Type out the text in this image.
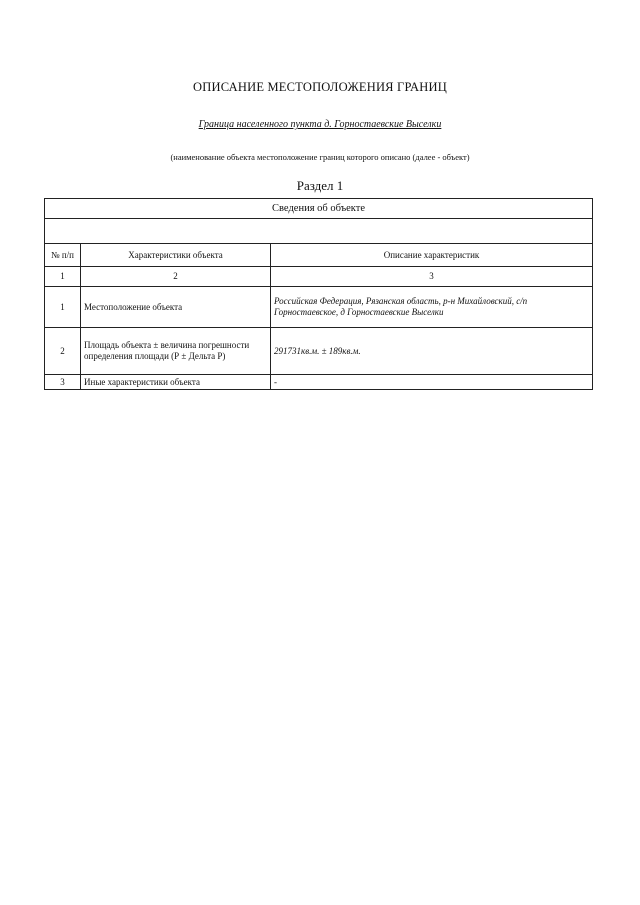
ОПИСАНИЕ МЕСТОПОЛОЖЕНИЯ ГРАНИЦ
Граница населенного пункта д. Горностаевские Выселки
(наименование объекта местоположение границ которого описано (далее - объект)
Раздел 1
Сведения об объекте		

№ п/п	Характеристики объекта	Описание характеристик
1	2	3
1	Местоположение объекта	Российская Федерация, Рязанская область, р-н Михайловский, с/п Горностаевское, д Горностаевские Выселки
2	Площадь объекта ± величина погрешности определения площади (Р ± Дельта Р)	291731кв.м. ± 189кв.м.
3	Иные характеристики объекта	-
